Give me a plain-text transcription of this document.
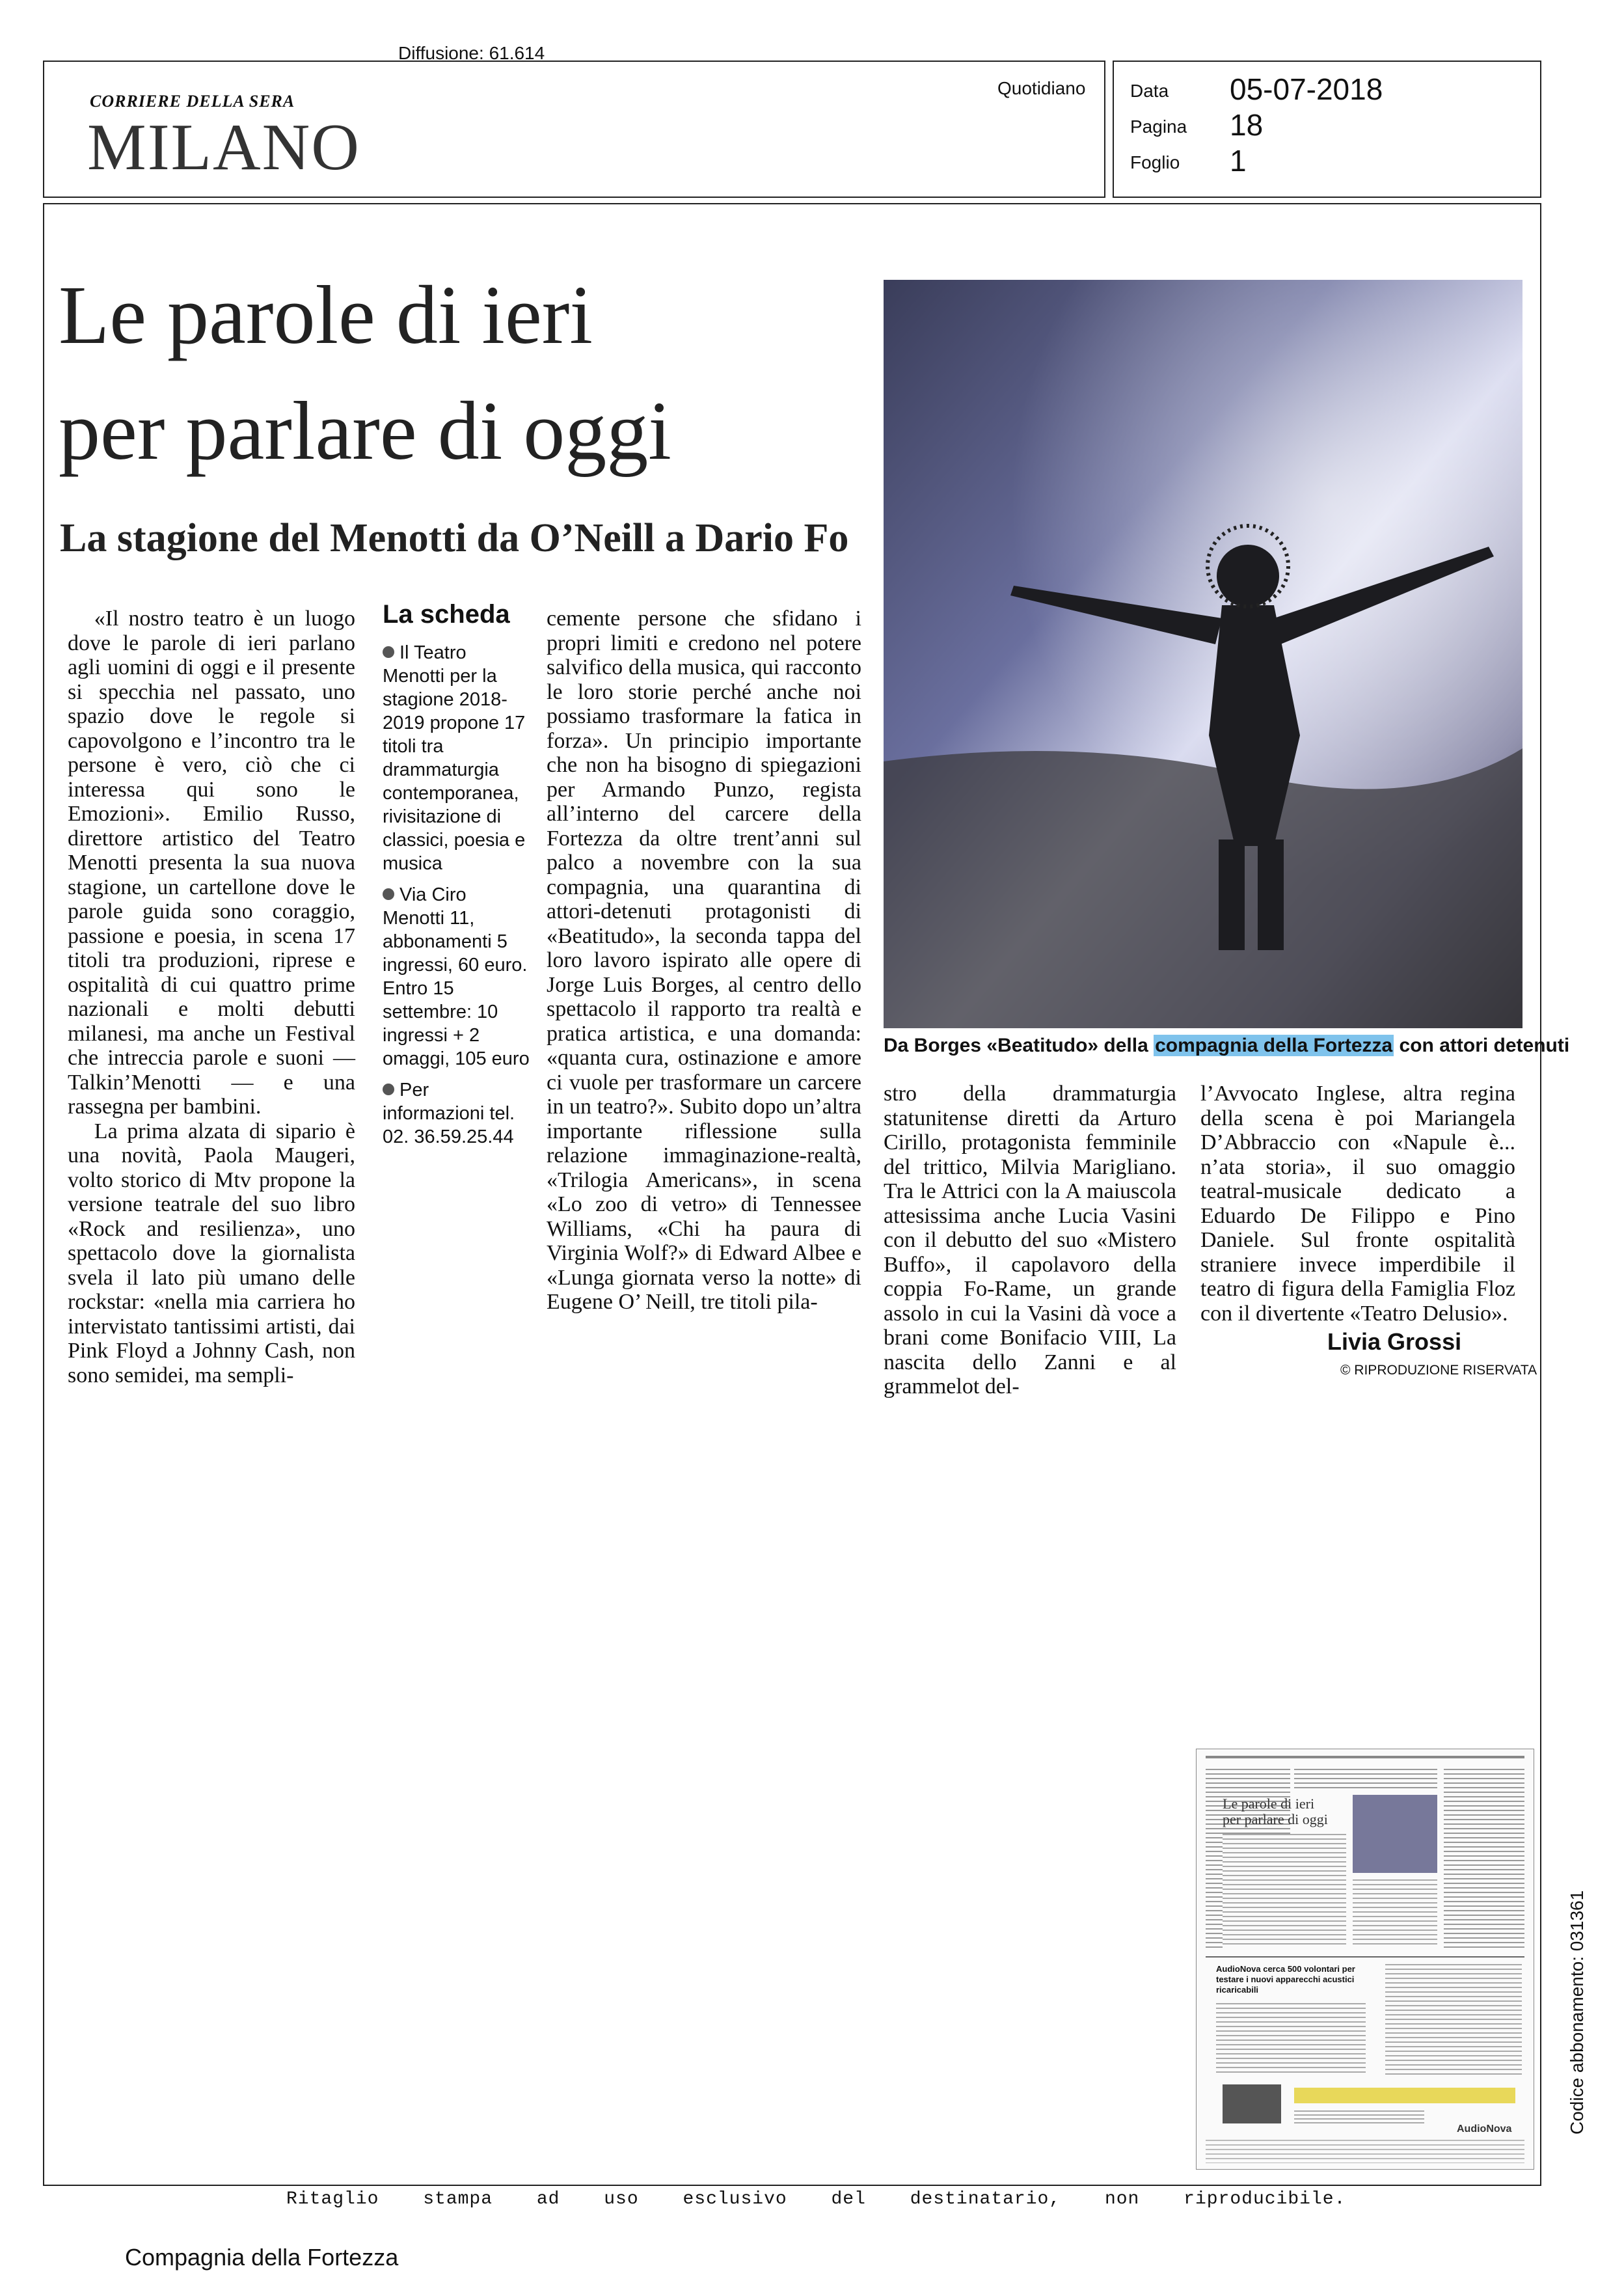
Diffusione: 61.614
CORRIERE DELLA SERA
MILANO
Quotidiano Data 05-07-2018
Pagina 18
Foglio 1
Le parole di ieri
per parlare di oggi
La stagione del Menotti da O’Neill a Dario Fo

«Il nostro teatro è un luogo dove le parole di ieri parlano agli uomini di oggi e il presente si specchia nel passato, uno spazio dove le regole si capovolgono e l’incontro tra le persone è vero, ciò che ci interessa qui sono le Emozioni». Emilio Russo, direttore artistico del Teatro Menotti presenta la sua nuova stagione, un cartellone dove le parole guida sono coraggio, passione e poesia, in scena 17 titoli tra produzioni, riprese e ospitalità di cui quattro prime nazionali e molti debutti milanesi, ma anche un Festival che intreccia parole e suoni — Talkin’Menotti — e una rassegna per bambini.

La prima alzata di sipario è una novità, Paola Maugeri, volto storico di Mtv propone la versione teatrale del suo libro «Rock and resilienza», uno spettacolo dove la giornalista svela il lato più umano delle rockstar: «nella mia carriera ho intervistato tantissimi artisti, dai Pink Floyd a Johnny Cash, non sono semidei, ma sempli-

La scheda
Il Teatro Menotti per la stagione 2018-2019 propone 17 titoli tra drammaturgia contemporanea, rivisitazione di classici, poesia e musica
Via Ciro Menotti 11, abbonamenti 5 ingressi, 60 euro. Entro 15 settembre: 10 ingressi + 2 omaggi, 105 euro
Per informazioni tel. 02. 36.59.25.44

cemente persone che sfidano i propri limiti e credono nel potere salvifico della musica, qui racconto le loro storie perché anche noi possiamo trasformare la fatica in forza». Un principio importante che non ha bisogno di spiegazioni per Armando Punzo, regista all’interno del carcere della Fortezza da oltre trent’anni sul palco a novembre con la sua compagnia, una quarantina di attori-detenuti protagonisti di «Beatitudo», la seconda tappa del loro lavoro ispirato alle opere di Jorge Luis Borges, al centro dello spettacolo il rapporto tra realtà e pratica artistica, e una domanda: «quanta cura, ostinazione e amore ci vuole per trasformare un carcere in un teatro?». Subito dopo un’altra importante riflessione sulla relazione immaginazione-realtà, «Trilogia Americans», in scena «Lo zoo di vetro» di Tennessee Williams, «Chi ha paura di Virginia Wolf?» di Edward Albee e «Lunga giornata verso la notte» di Eugene O’ Neill, tre titoli pila-

Da Borges «Beatitudo» della compagnia della Fortezza con attori detenuti

stro della drammaturgia statunitense diretti da Arturo Cirillo, protagonista femminile del trittico, Milvia Marigliano. Tra le Attrici con la A maiuscola attesissima anche Lucia Vasini con il debutto del suo «Mistero Buffo», il capolavoro della coppia Fo-Rame, un grande assolo in cui la Vasini dà voce a brani come Bonifacio VIII, La nascita dello Zanni e al grammelot del-

l’Avvocato Inglese, altra regina della scena è poi Mariangela D’Abbraccio con «Napule è... n’ata storia», il suo omaggio teatral-musicale dedicato a Eduardo De Filippo e Pino Daniele. Sul fronte ospitalità straniere invece imperdibile il teatro di figura della Famiglia Floz con il divertente «Teatro Delusio».

Livia Grossi
© RIPRODUZIONE RISERVATA
Le parole di ieri
per parlare di oggi
AudioNova cerca 500 volontari per testare i nuovi apparecchi acustici ricaricabili
AudioNova	Codice abbonamento: 031361
Ritaglio stampa ad uso esclusivo del destinatario, non riproducibile.
Compagnia della Fortezza
